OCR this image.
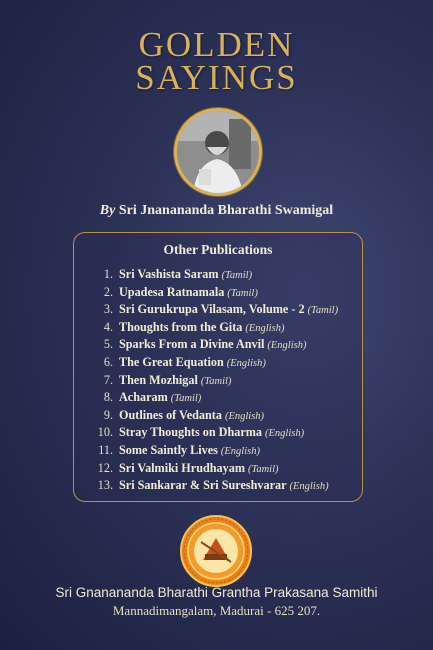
GOLDEN
SAYINGS
By Sri Jnanananda Bharathi Swamigal
Other Publications
1. Sri Vashista Saram (Tamil)
2. Upadesa Ratnamala (Tamil)
3. Sri Gurukrupa Vilasam, Volume - 2 (Tamil)
4. Thoughts from the Gita (English)
5. Sparks From a Divine Anvil (English)
6. The Great Equation (English)
7. Then Mozhigal (Tamil)
8. Acharam (Tamil)
9. Outlines of Vedanta (English)
10. Stray Thoughts on Dharma (English)
11. Some Saintly Lives (English)
12. Sri Valmiki Hrudhayam (Tamil)
13. Sri Sankarar & Sri Sureshvarar (English)
Sri Gnanananda Bharathi Grantha Prakasana Samithi
Mannadimangalam, Madurai - 625 207.
